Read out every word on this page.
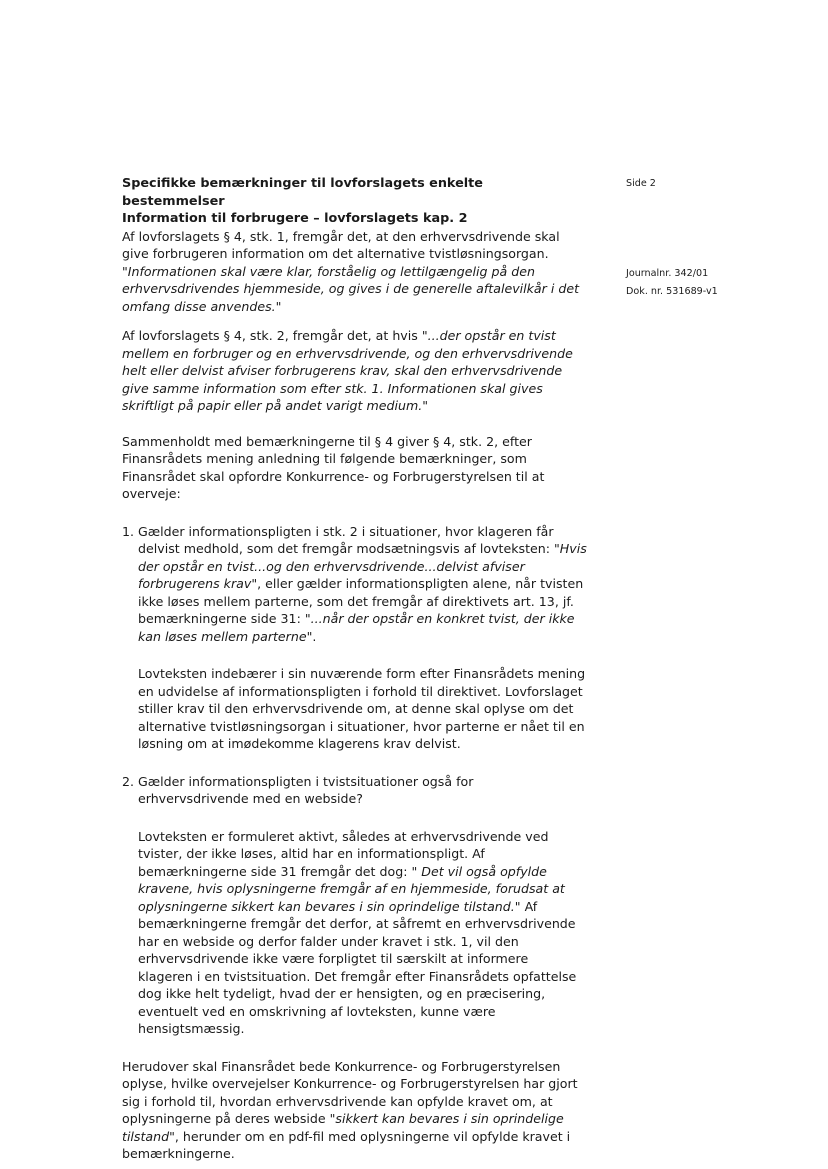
Side 2
Journalnr. 342/01
Dok. nr. 531689-v1

Specifikke bemærkninger til lovforslagets enkelte bestemmelser

Information til forbrugere – lovforslagets kap. 2

Af lovforslagets § 4, stk. 1, fremgår det, at den erhvervsdrivende skal give forbrugeren information om det alternative tvistløsningsorgan. "Informationen skal være klar, forståelig og lettilgængelig på den erhvervsdrivendes hjemmeside, og gives i de generelle aftalevilkår i det omfang disse anvendes."

Af lovforslagets § 4, stk. 2, fremgår det, at hvis "...der opstår en tvist mellem en forbruger og en erhvervsdrivende, og den erhvervsdrivende helt eller delvist afviser forbrugerens krav, skal den erhvervsdrivende give samme information som efter stk. 1. Informationen skal gives skriftligt på papir eller på andet varigt medium."

Sammenholdt med bemærkningerne til § 4 giver § 4, stk. 2, efter Finansrådets mening anledning til følgende bemærkninger, som Finansrådet skal opfordre Konkurrence- og Forbrugerstyrelsen til at overveje:

1. Gælder informationspligten i stk. 2 i situationer, hvor klageren får delvist medhold, som det fremgår modsætningsvis af lovteksten: "Hvis der opstår en tvist...og den erhvervsdrivende...delvist afviser forbrugerens krav", eller gælder informationspligten alene, når tvisten ikke løses mellem parterne, som det fremgår af direktivets art. 13, jf. bemærkningerne side 31: "...når der opstår en konkret tvist, der ikke kan løses mellem parterne".

Lovteksten indebærer i sin nuværende form efter Finansrådets mening en udvidelse af informationspligten i forhold til direktivet. Lovforslaget stiller krav til den erhvervsdrivende om, at denne skal oplyse om det alternative tvistløsningsorgan i situationer, hvor parterne er nået til en løsning om at imødekomme klagerens krav delvist.

2. Gælder informationspligten i tvistsituationer også for erhvervsdrivende med en webside?

Lovteksten er formuleret aktivt, således at erhvervsdrivende ved tvister, der ikke løses, altid har en informationspligt. Af bemærkningerne side 31 fremgår det dog: " Det vil også opfylde kravene, hvis oplysningerne fremgår af en hjemmeside, forudsat at oplysningerne sikkert kan bevares i sin oprindelige tilstand." Af bemærkningerne fremgår det derfor, at såfremt en erhvervsdrivende har en webside og derfor falder under kravet i stk. 1, vil den erhvervsdrivende ikke være forpligtet til særskilt at informere klageren i en tvistsituation. Det fremgår efter Finansrådets opfattelse dog ikke helt tydeligt, hvad der er hensigten, og en præcisering, eventuelt ved en omskrivning af lovteksten, kunne være hensigtsmæssig.

Herudover skal Finansrådet bede Konkurrence- og Forbrugerstyrelsen oplyse, hvilke overvejelser Konkurrence- og Forbrugerstyrelsen har gjort sig i forhold til, hvordan erhvervsdrivende kan opfylde kravet om, at oplysningerne på deres webside "sikkert kan bevares i sin oprindelige tilstand", herunder om en pdf-fil med oplysningerne vil opfylde kravet i bemærkningerne.
